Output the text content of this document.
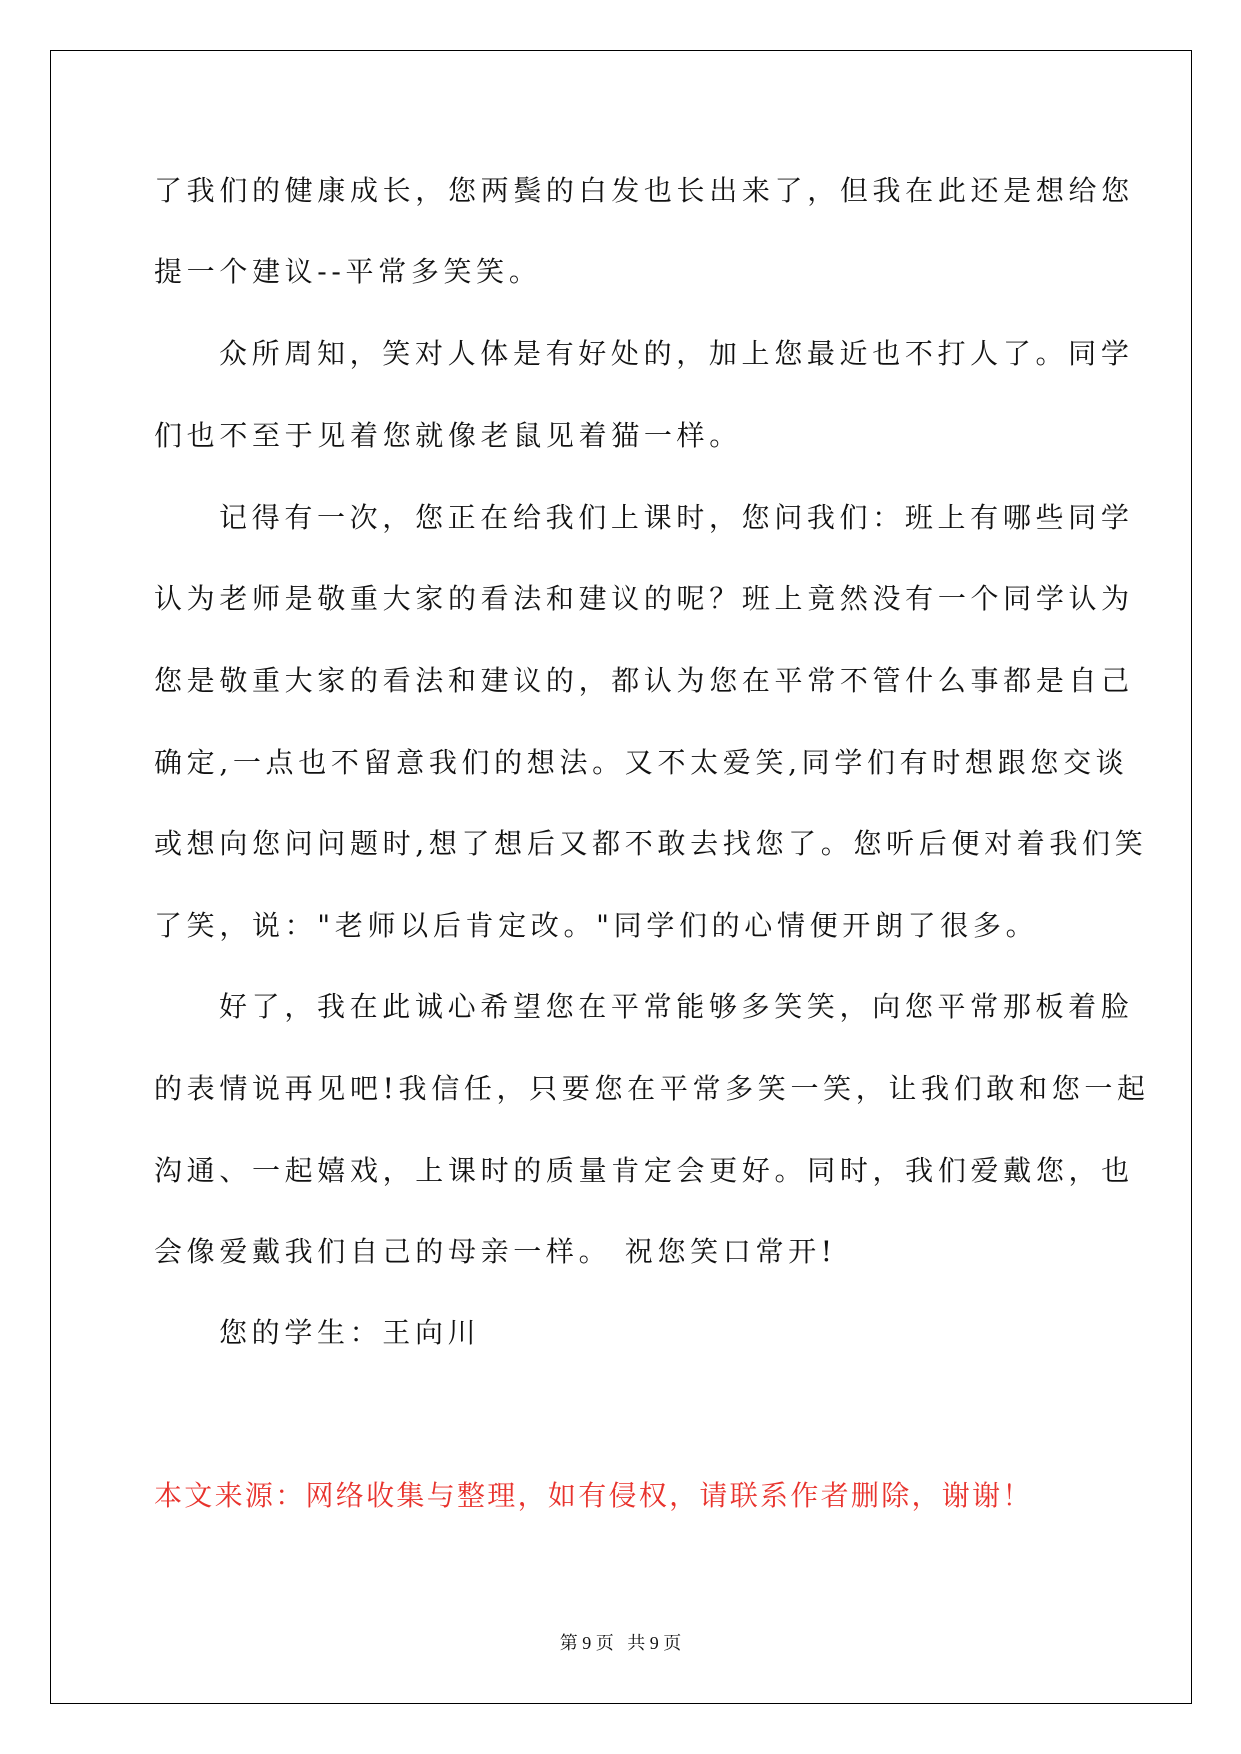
了我们的健康成长，您两鬓的白发也长出来了，但我在此还是想给您
提一个建议--平常多笑笑。
众所周知，笑对人体是有好处的，加上您最近也不打人了。同学
们也不至于见着您就像老鼠见着猫一样。
记得有一次，您正在给我们上课时，您问我们：班上有哪些同学
认为老师是敬重大家的看法和建议的呢？班上竟然没有一个同学认为
您是敬重大家的看法和建议的，都认为您在平常不管什么事都是自己
确定,一点也不留意我们的想法。又不太爱笑,同学们有时想跟您交谈
或想向您问问题时,想了想后又都不敢去找您了。您听后便对着我们笑
了笑，说："老师以后肯定改。"同学们的心情便开朗了很多。
好了，我在此诚心希望您在平常能够多笑笑，向您平常那板着脸
的表情说再见吧!我信任，只要您在平常多笑一笑，让我们敢和您一起
沟通、一起嬉戏，上课时的质量肯定会更好。同时，我们爱戴您，也
会像爱戴我们自己的母亲一样。 祝您笑口常开!
您的学生：王向川
本文来源：网络收集与整理，如有侵权，请联系作者删除，谢谢！
第 9 页   共 9 页
